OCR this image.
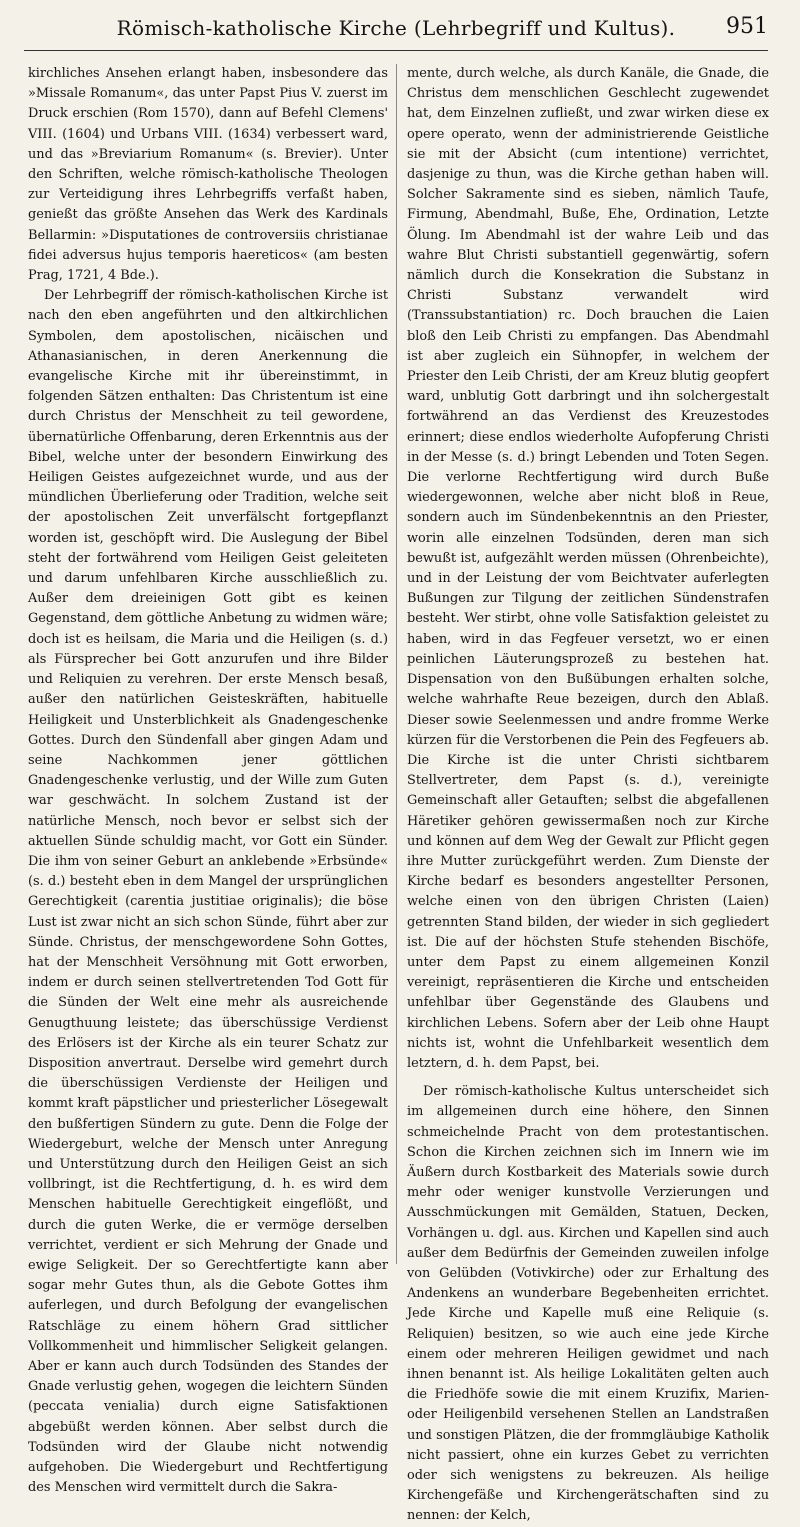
Römisch-katholische Kirche (Lehrbegriff und Kultus).	951

kirchliches Ansehen erlangt haben, insbesondere das »Missale Romanum«, das unter Papst Pius V. zuerst im Druck erschien (Rom 1570), dann auf Befehl Clemens' VIII. (1604) und Urbans VIII. (1634) verbessert ward, und das »Breviarium Romanum« (s. Brevier). Unter den Schriften, welche römisch-katholische Theologen zur Verteidigung ihres Lehrbegriffs verfaßt haben, genießt das größte Ansehen das Werk des Kardinals Bellarmin: »Disputationes de controversiis christianae fidei adversus hujus temporis haereticos« (am besten Prag, 1721, 4 Bde.).

Der Lehrbegriff der römisch-katholischen Kirche ist nach den eben angeführten und den altkirchlichen Symbolen, dem apostolischen, nicäischen und Athanasianischen, in deren Anerkennung die evangelische Kirche mit ihr übereinstimmt, in folgenden Sätzen enthalten: Das Christentum ist eine durch Christus der Menschheit zu teil gewordene, übernatürliche Offenbarung, deren Erkenntnis aus der Bibel, welche unter der besondern Einwirkung des Heiligen Geistes aufgezeichnet wurde, und aus der mündlichen Überlieferung oder Tradition, welche seit der apostolischen Zeit unverfälscht fortgepflanzt worden ist, geschöpft wird. Die Auslegung der Bibel steht der fortwährend vom Heiligen Geist geleiteten und darum unfehlbaren Kirche ausschließlich zu. Außer dem dreieinigen Gott gibt es keinen Gegenstand, dem göttliche Anbetung zu widmen wäre; doch ist es heilsam, die Maria und die Heiligen (s. d.) als Fürsprecher bei Gott anzurufen und ihre Bilder und Reliquien zu verehren. Der erste Mensch besaß, außer den natürlichen Geisteskräften, habituelle Heiligkeit und Unsterblichkeit als Gnadengeschenke Gottes. Durch den Sündenfall aber gingen Adam und seine Nachkommen jener göttlichen Gnadengeschenke verlustig, und der Wille zum Guten war geschwächt. In solchem Zustand ist der natürliche Mensch, noch bevor er selbst sich der aktuellen Sünde schuldig macht, vor Gott ein Sünder. Die ihm von seiner Geburt an anklebende »Erbsünde« (s. d.) besteht eben in dem Mangel der ursprünglichen Gerechtigkeit (carentia justitiae originalis); die böse Lust ist zwar nicht an sich schon Sünde, führt aber zur Sünde. Christus, der menschgewordene Sohn Gottes, hat der Menschheit Versöhnung mit Gott erworben, indem er durch seinen stellvertretenden Tod Gott für die Sünden der Welt eine mehr als ausreichende Genugthuung leistete; das überschüssige Verdienst des Erlösers ist der Kirche als ein teurer Schatz zur Disposition anvertraut. Derselbe wird gemehrt durch die überschüssigen Verdienste der Heiligen und kommt kraft päpstlicher und priesterlicher Lösegewalt den bußfertigen Sündern zu gute. Denn die Folge der Wiedergeburt, welche der Mensch unter Anregung und Unterstützung durch den Heiligen Geist an sich vollbringt, ist die Rechtfertigung, d. h. es wird dem Menschen habituelle Gerechtigkeit eingeflößt, und durch die guten Werke, die er vermöge derselben verrichtet, verdient er sich Mehrung der Gnade und ewige Seligkeit. Der so Gerechtfertigte kann aber sogar mehr Gutes thun, als die Gebote Gottes ihm auferlegen, und durch Befolgung der evangelischen Ratschläge zu einem höhern Grad sittlicher Vollkommenheit und himmlischer Seligkeit gelangen. Aber er kann auch durch Todsünden des Standes der Gnade verlustig gehen, wogegen die leichtern Sünden (peccata venialia) durch eigne Satisfaktionen abgebüßt werden können. Aber selbst durch die Todsünden wird der Glaube nicht notwendig aufgehoben. Die Wiedergeburt und Rechtfertigung des Menschen wird vermittelt durch die Sakra-

mente, durch welche, als durch Kanäle, die Gnade, die Christus dem menschlichen Geschlecht zugewendet hat, dem Einzelnen zufließt, und zwar wirken diese ex opere operato, wenn der administrierende Geistliche sie mit der Absicht (cum intentione) verrichtet, dasjenige zu thun, was die Kirche gethan haben will. Solcher Sakramente sind es sieben, nämlich Taufe, Firmung, Abendmahl, Buße, Ehe, Ordination, Letzte Ölung. Im Abendmahl ist der wahre Leib und das wahre Blut Christi substantiell gegenwärtig, sofern nämlich durch die Konsekration die Substanz in Christi Substanz verwandelt wird (Transsubstantiation) rc. Doch brauchen die Laien bloß den Leib Christi zu empfangen. Das Abendmahl ist aber zugleich ein Sühnopfer, in welchem der Priester den Leib Christi, der am Kreuz blutig geopfert ward, unblutig Gott darbringt und ihn solchergestalt fortwährend an das Verdienst des Kreuzestodes erinnert; diese endlos wiederholte Aufopferung Christi in der Messe (s. d.) bringt Lebenden und Toten Segen. Die verlorne Rechtfertigung wird durch Buße wiedergewonnen, welche aber nicht bloß in Reue, sondern auch im Sündenbekenntnis an den Priester, worin alle einzelnen Todsünden, deren man sich bewußt ist, aufgezählt werden müssen (Ohrenbeichte), und in der Leistung der vom Beichtvater auferlegten Bußungen zur Tilgung der zeitlichen Sündenstrafen besteht. Wer stirbt, ohne volle Satisfaktion geleistet zu haben, wird in das Fegfeuer versetzt, wo er einen peinlichen Läuterungsprozeß zu bestehen hat. Dispensation von den Bußübungen erhalten solche, welche wahrhafte Reue bezeigen, durch den Ablaß. Dieser sowie Seelenmessen und andre fromme Werke kürzen für die Verstorbenen die Pein des Fegfeuers ab. Die Kirche ist die unter Christi sichtbarem Stellvertreter, dem Papst (s. d.), vereinigte Gemeinschaft aller Getauften; selbst die abgefallenen Häretiker gehören gewissermaßen noch zur Kirche und können auf dem Weg der Gewalt zur Pflicht gegen ihre Mutter zurückgeführt werden. Zum Dienste der Kirche bedarf es besonders angestellter Personen, welche einen von den übrigen Christen (Laien) getrennten Stand bilden, der wieder in sich gegliedert ist. Die auf der höchsten Stufe stehenden Bischöfe, unter dem Papst zu einem allgemeinen Konzil vereinigt, repräsentieren die Kirche und entscheiden unfehlbar über Gegenstände des Glaubens und kirchlichen Lebens. Sofern aber der Leib ohne Haupt nichts ist, wohnt die Unfehlbarkeit wesentlich dem letztern, d. h. dem Papst, bei.

Der römisch-katholische Kultus unterscheidet sich im allgemeinen durch eine höhere, den Sinnen schmeichelnde Pracht von dem protestantischen. Schon die Kirchen zeichnen sich im Innern wie im Äußern durch Kostbarkeit des Materials sowie durch mehr oder weniger kunstvolle Verzierungen und Ausschmückungen mit Gemälden, Statuen, Decken, Vorhängen u. dgl. aus. Kirchen und Kapellen sind auch außer dem Bedürfnis der Gemeinden zuweilen infolge von Gelübden (Votivkirche) oder zur Erhaltung des Andenkens an wunderbare Begebenheiten errichtet. Jede Kirche und Kapelle muß eine Reliquie (s. Reliquien) besitzen, so wie auch eine jede Kirche einem oder mehreren Heiligen gewidmet und nach ihnen benannt ist. Als heilige Lokalitäten gelten auch die Friedhöfe sowie die mit einem Kruzifix, Marien- oder Heiligenbild versehenen Stellen an Landstraßen und sonstigen Plätzen, die der frommgläubige Katholik nicht passiert, ohne ein kurzes Gebet zu verrichten oder sich wenigstens zu bekreuzen. Als heilige Kirchengefäße und Kirchengerätschaften sind zu nennen: der Kelch,
